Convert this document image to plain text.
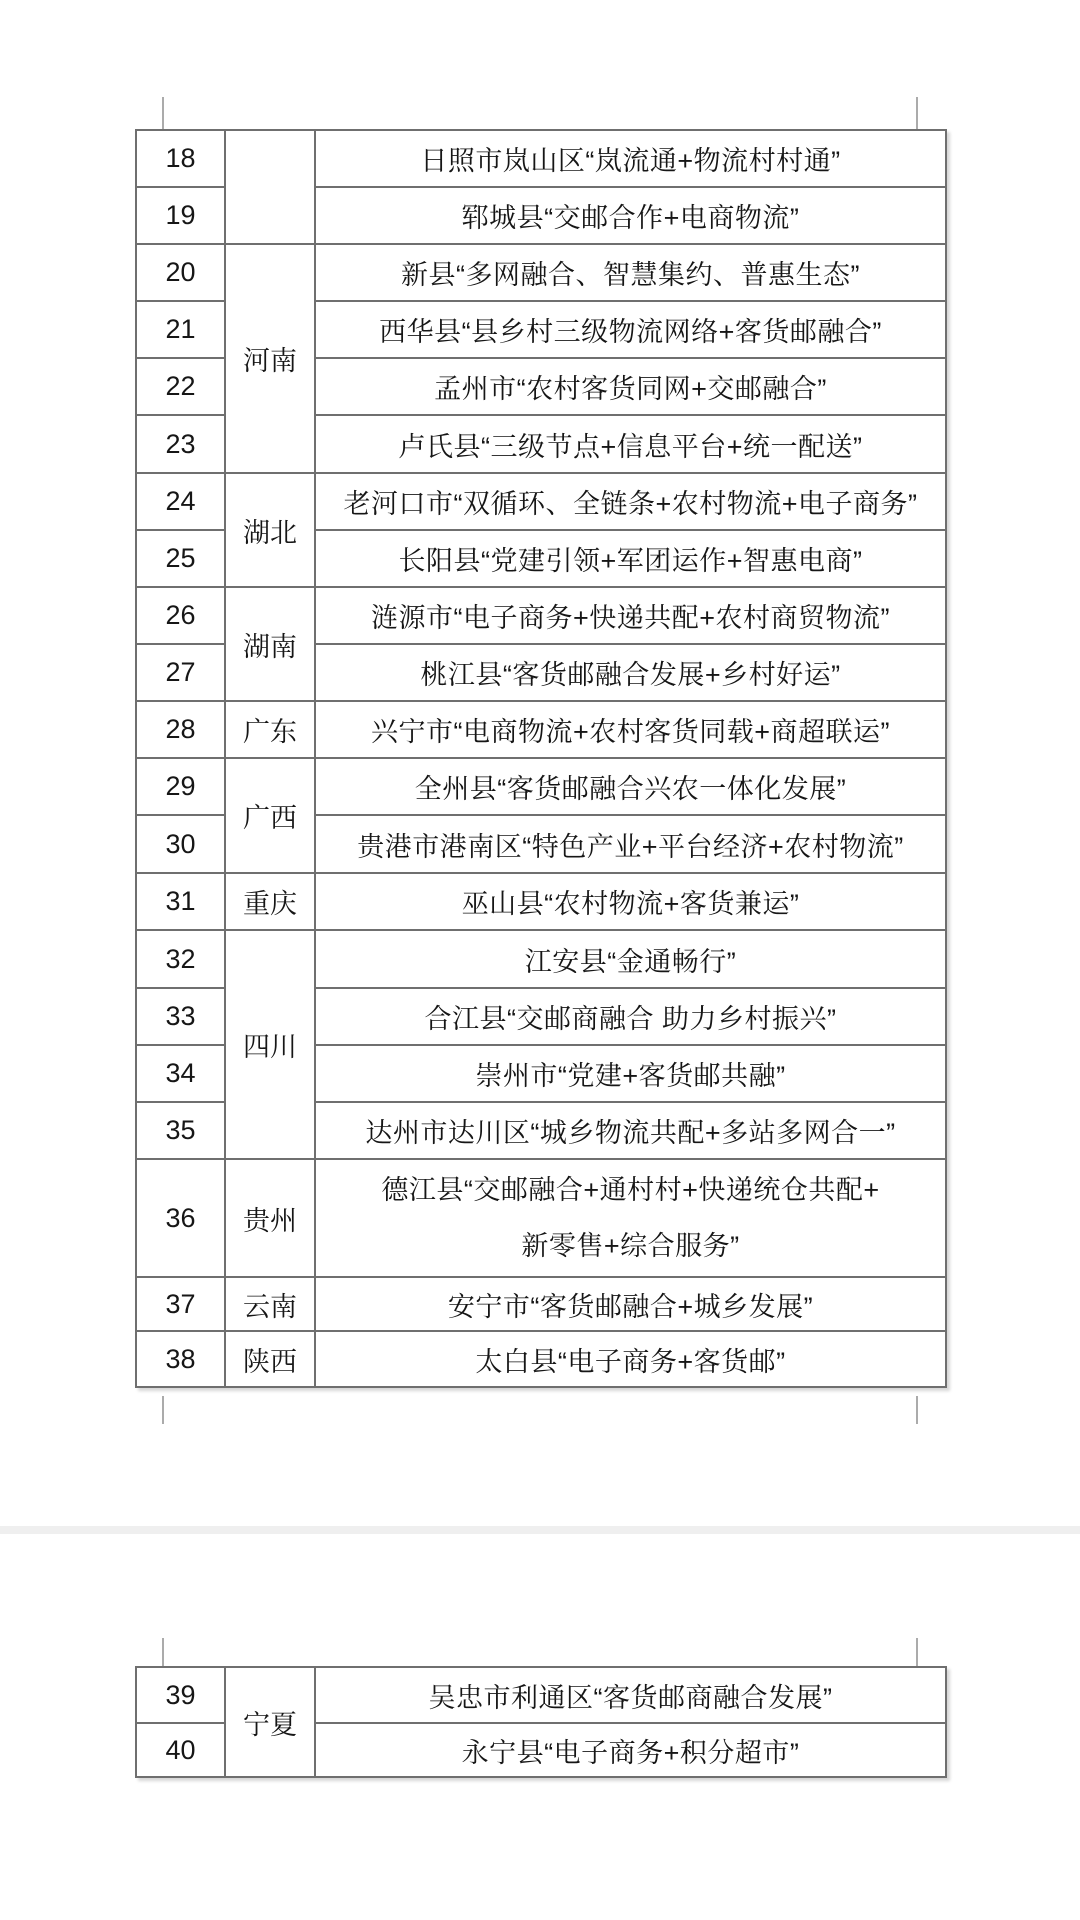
18		日照市岚山区“岚流通+物流村村通”
19		郓城县“交邮合作+电商物流”
20	河南	新县“多网融合、智慧集约、普惠生态”
21		西华县“县乡村三级物流网络+客货邮融合”
22		孟州市“农村客货同网+交邮融合”
23		卢氏县“三级节点+信息平台+统一配送”
24	湖北	老河口市“双循环、全链条+农村物流+电子商务”
25		长阳县“党建引领+军团运作+智惠电商”
26	湖南	涟源市“电子商务+快递共配+农村商贸物流”
27		桃江县“客货邮融合发展+乡村好运”
28	广东	兴宁市“电商物流+农村客货同载+商超联运”
29	广西	全州县“客货邮融合兴农一体化发展”
30		贵港市港南区“特色产业+平台经济+农村物流”
31	重庆	巫山县“农村物流+客货兼运”
32	四川	江安县“金通畅行”
33		合江县“交邮商融合 助力乡村振兴”
34		崇州市“党建+客货邮共融”
35		达州市达川区“城乡物流共配+多站多网合一”
36	贵州	德江县“交邮融合+通村村+快递统仓共配+
新零售+综合服务”

37	云南	安宁市“客货邮融合+城乡发展”
38	陕西	太白县“电子商务+客货邮”
39	宁夏	吴忠市利通区“客货邮商融合发展”
40		永宁县“电子商务+积分超市”
